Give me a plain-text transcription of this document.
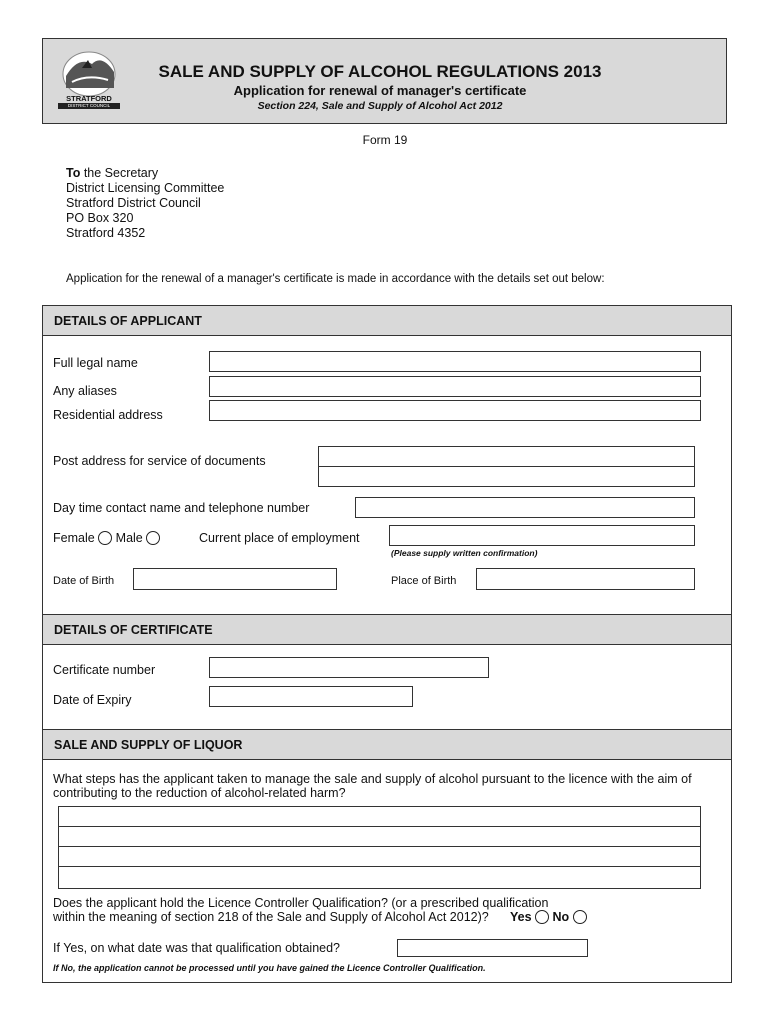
STRATFORD
DISTRICT COUNCIL
SALE AND SUPPLY OF ALCOHOL REGULATIONS 2013
Application for renewal of manager's certificate
Section 224, Sale and Supply of Alcohol Act 2012
Form 19
To the Secretary
District Licensing Committee
Stratford District Council
PO Box 320
Stratford 4352
Application for the renewal of a manager's certificate is made in accordance with the details set out below:
DETAILS OF APPLICANT
Full legal name
Any aliases
Residential address
Post address for service of documents
Day time contact name and telephone number
Female Male	Current place of employment
(Please supply written confirmation)
Date of Birth	Place of Birth
DETAILS OF CERTIFICATE
Certificate number
Date of Expiry
SALE AND SUPPLY OF LIQUOR
What steps has the applicant taken to manage the sale and supply of alcohol pursuant to the licence with the aim of contributing to the reduction of alcohol-related harm?
Does the applicant hold the Licence Controller Qualification? (or a prescribed qualification within the meaning of section 218 of the Sale and Supply of Alcohol Act 2012)?	Yes No
If Yes, on what date was that qualification obtained?
If No, the application cannot be processed until you have gained the Licence Controller Qualification.
